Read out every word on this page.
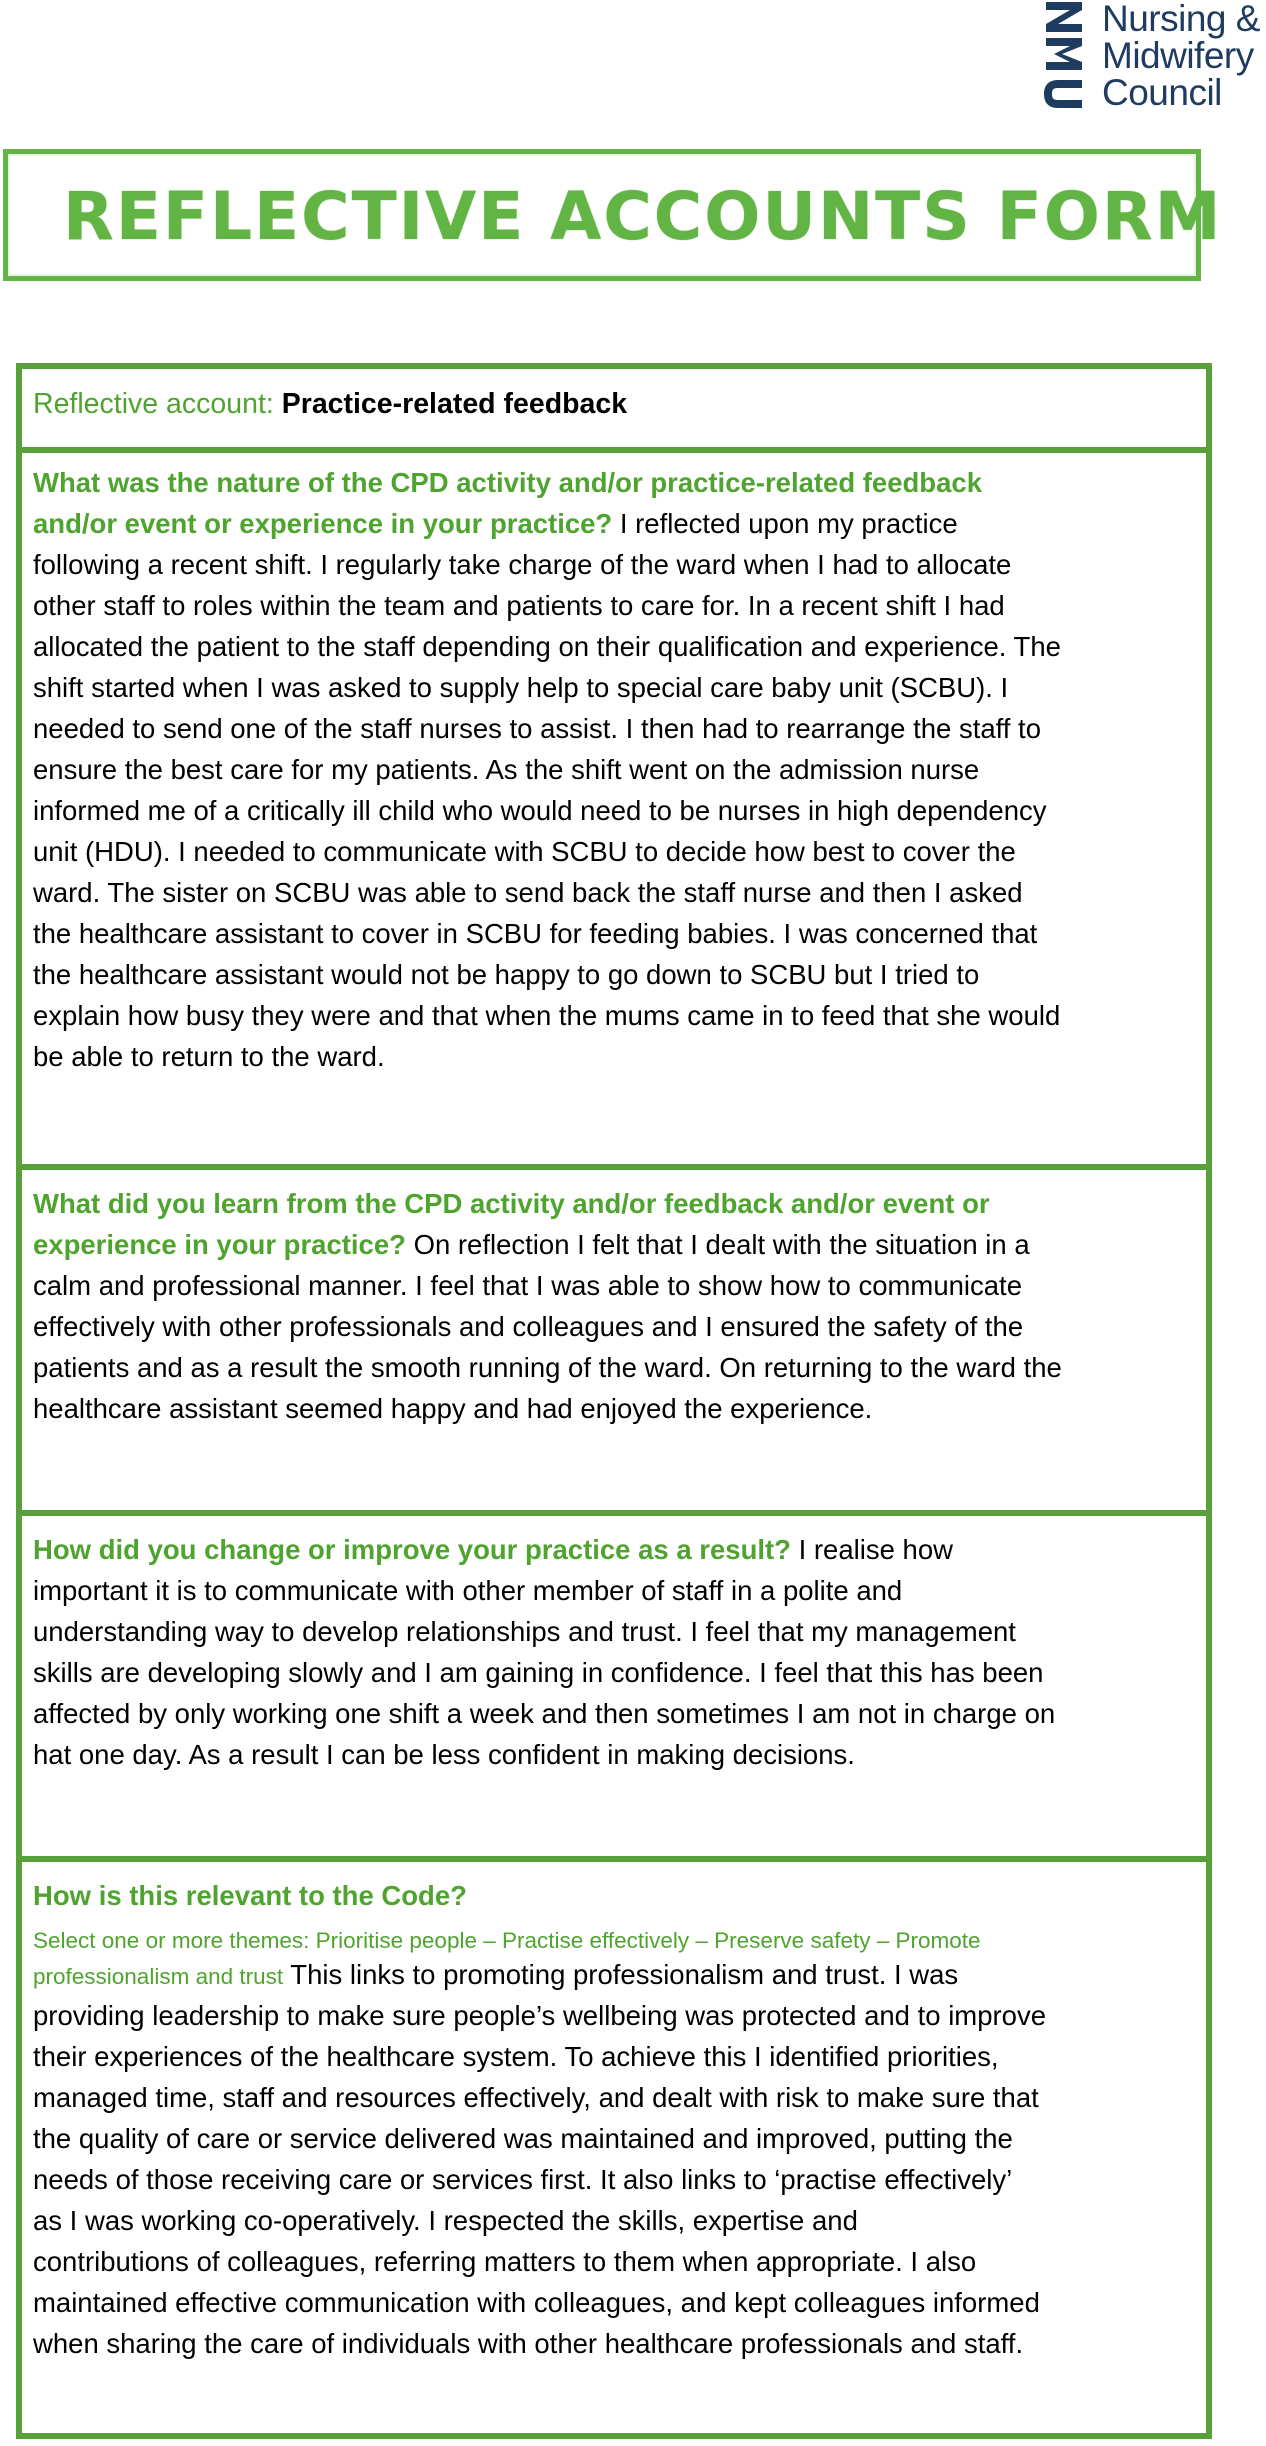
Nursing &
Midwifery
Council
REFLECTIVE ACCOUNTS FORM
Reflective account: Practice-related feedback
What was the nature of the CPD activity and/or practice-related feedback
and/or event or experience in your practice? I reflected upon my practice
following a recent shift. I regularly take charge of the ward when I had to allocate
other staff to roles within the team and patients to care for. In a recent shift I had
allocated the patient to the staff depending on their qualification and experience. The
shift started when I was asked to supply help to special care baby unit (SCBU). I
needed to send one of the staff nurses to assist. I then had to rearrange the staff to
ensure the best care for my patients. As the shift went on the admission nurse
informed me of a critically ill child who would need to be nurses in high dependency
unit (HDU). I needed to communicate with SCBU to decide how best to cover the
ward. The sister on SCBU was able to send back the staff nurse and then I asked
the healthcare assistant to cover in SCBU for feeding babies. I was concerned that
the healthcare assistant would not be happy to go down to SCBU but I tried to
explain how busy they were and that when the mums came in to feed that she would
be able to return to the ward.
What did you learn from the CPD activity and/or feedback and/or event or
experience in your practice? On reflection I felt that I dealt with the situation in a
calm and professional manner. I feel that I was able to show how to communicate
effectively with other professionals and colleagues and I ensured the safety of the
patients and as a result the smooth running of the ward. On returning to the ward the
healthcare assistant seemed happy and had enjoyed the experience.
How did you change or improve your practice as a result? I realise how
important it is to communicate with other member of staff in a polite and
understanding way to develop relationships and trust. I feel that my management
skills are developing slowly and I am gaining in confidence. I feel that this has been
affected by only working one shift a week and then sometimes I am not in charge on
hat one day. As a result I can be less confident in making decisions.
How is this relevant to the Code?
Select one or more themes: Prioritise people – Practise effectively – Preserve safety – Promote
professionalism and trust This links to promoting professionalism and trust. I was
providing leadership to make sure people’s wellbeing was protected and to improve
their experiences of the healthcare system. To achieve this I identified priorities,
managed time, staff and resources effectively, and dealt with risk to make sure that
the quality of care or service delivered was maintained and improved, putting the
needs of those receiving care or services first. It also links to ‘practise effectively’
as I was working co-operatively. I respected the skills, expertise and
contributions of colleagues, referring matters to them when appropriate. I also
maintained effective communication with colleagues, and kept colleagues informed
when sharing the care of individuals with other healthcare professionals and staff.
